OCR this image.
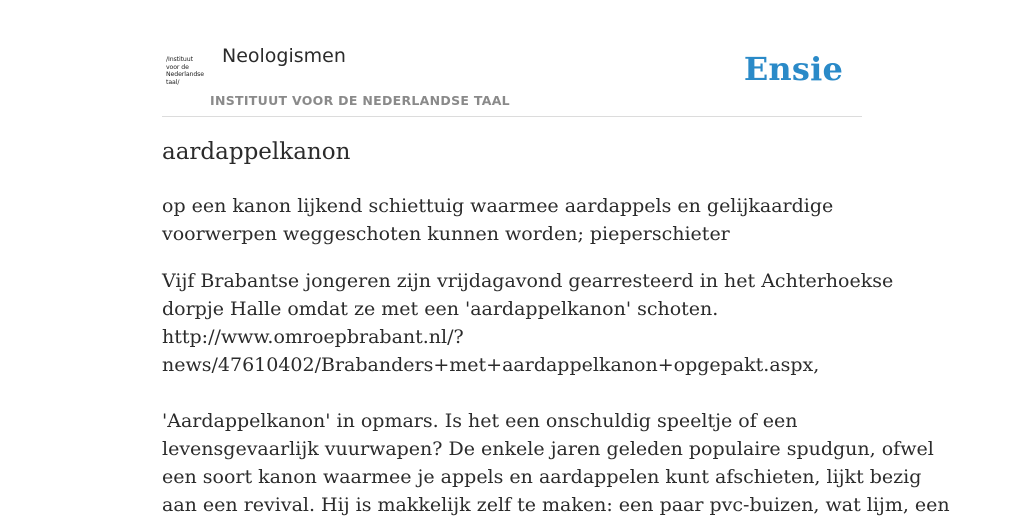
/Instituut
voor de
Nederlandse
taal/
Neologismen
INSTITUUT VOOR DE NEDERLANDSE TAAL
Ensie
aardappelkanon

op een kanon lijkend schiettuig waarmee aardappels en gelijkaardige voorwerpen weggeschoten kunnen worden; pieperschieter

Vijf Brabantse jongeren zijn vrijdagavond gearresteerd in het Achterhoekse
dorpje Halle omdat ze met een 'aardappelkanon' schoten.
http://www.omroepbrabant.nl/?
news/47610402/Brabanders+met+aardappelkanon+opgepakt.aspx,
'Aardappelkanon' in opmars. Is het een onschuldig speeltje of een
levensgevaarlijk vuurwapen? De enkele jaren geleden populaire spudgun, ofwel
een soort kanon waarmee je appels en aardappelen kunt afschieten, lijkt bezig
aan een revival. Hij is makkelijk zelf te maken: een paar pvc-buizen, wat lijm, een
